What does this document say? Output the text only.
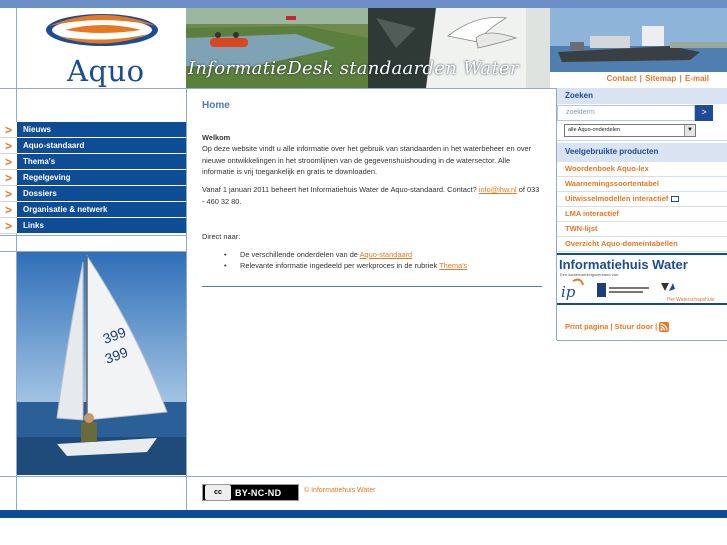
Aquo InformatieDesk standaarden Water	Contact | Sitemap | E-mail
>	Nieuws
>	Aquo-standaard
>	Thema's
>	Regelgeving
>	Dossiers
>	Organisatie & netwerk
>	Links
399
399
Home

Welkom

Op deze website vindt u alle informatie over het gebruik van standaarden in het waterbeheer en over nieuwe ontwikkelingen in het stroomlijnen van de gegevenshuishouding in de watersector. Alle informatie is vrij toegankelijk en gratis te downloaden.

Vanaf 1 januari 2011 beheert het Informatiehuis Water de Aquo-standaard. Contact? info@ihw.nl of 033 - 460 32 80.

Direct naar:

• De verschillende onderdelen van de Aquo-standaard
• Relevante informatie ingedeeld per werkproces in de rubriek Thema's
Zoeken
zoekterm	>
alle Aquo-onderdelen	▼
Veelgebruikte producten
Woordenboek Aquo-lex
Waarnemingssoortentabel
Uitwisselmodellen interactief
LMA interactief
TWN-lijst
Overzicht Aquo-domeintabellen
Informatiehuis Water
Een samenwerkingsverband van:
ip	Het Waterschapshuis
Print pagina | Stuur door |
cc	BY-NC-ND	© Informatiehuis Water
